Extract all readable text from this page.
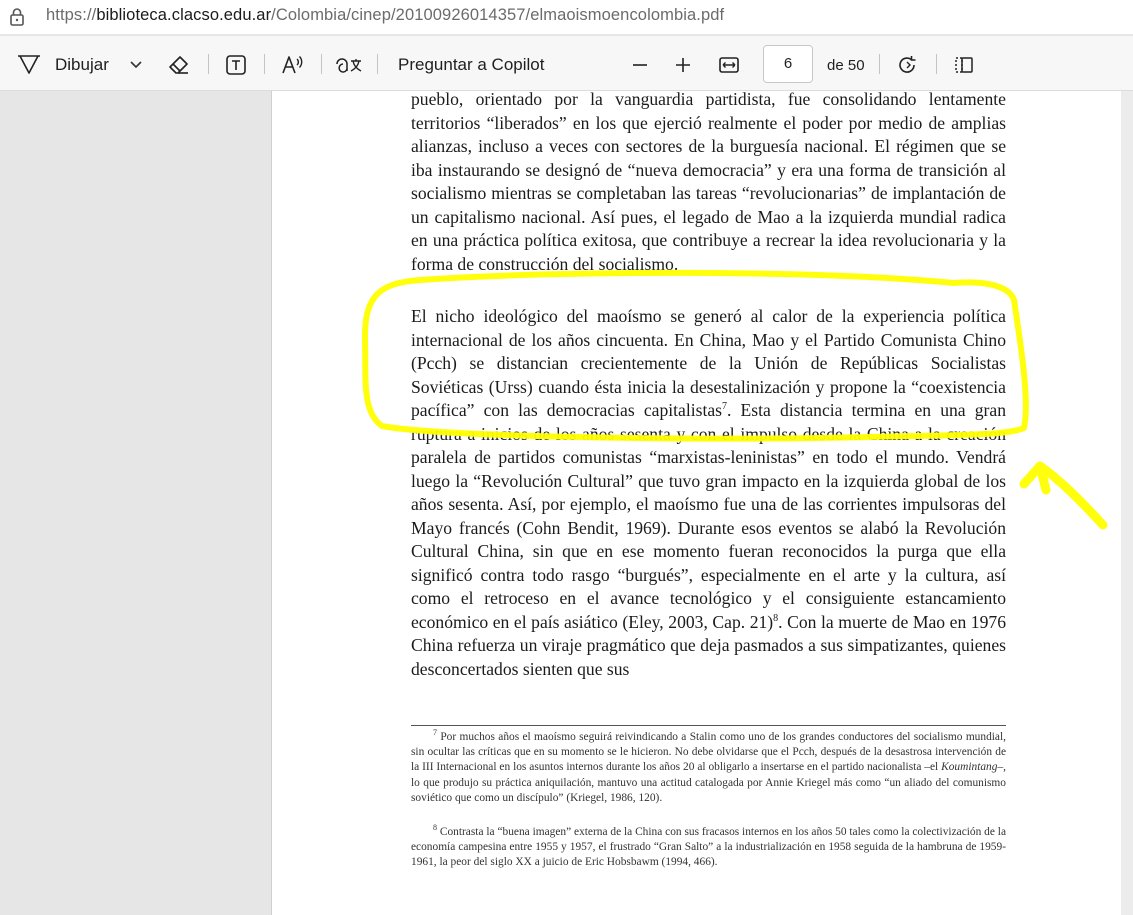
https://biblioteca.clacso.edu.ar/Colombia/cinep/20100926014357/elmaoismoencolombia.pdf
Dibujar	Preguntar a Copilot	6	de 50
pueblo, orientado por la vanguardia partidista, fue consolidando lentamente territorios “liberados” en los que ejerció realmente el poder por medio de amplias alianzas, incluso a veces con sectores de la burguesía nacional. El régimen que se iba instaurando se designó de “nueva democracia” y era una forma de transición al socialismo mientras se completaban las tareas “revolucionarias” de implantación de un capitalismo nacional. Así pues, el legado de Mao a la izquierda mundial radica en una práctica política exitosa, que contribuye a recrear la idea revolucionaria y la forma de construcción del socialismo.
El nicho ideológico del maoísmo se generó al calor de la experiencia política internacional de los años cincuenta. En China, Mao y el Partido Comunista Chino (Pcch) se distancian crecientemente de la Unión de Repúblicas Socialistas Soviéticas (Urss) cuando ésta inicia la desestalinización y propone la “coexistencia pacífica” con las democracias capitalistas$^7$. Esta distancia termina en una gran ruptura a inicios de los años sesenta y con el impulso desde la China a la creación paralela de partidos comunistas “marxistas-leninistas” en todo el mundo. Vendrá luego la “Revolución Cultural” que tuvo gran impacto en la izquierda global de los años sesenta. Así, por ejemplo, el maoísmo fue una de las corrientes impulsoras del Mayo francés (Cohn Bendit, 1969). Durante esos eventos se alabó la Revolución Cultural China, sin que en ese momento fueran reconocidos la purga que ella significó contra todo rasgo “burgués”, especialmente en el arte y la cultura, así como el retroceso en el avance tecnológico y el consiguiente estancamiento económico en el país asiático (Eley, 2003, Cap. 21)$^8$. Con la muerte de Mao en 1976 China refuerza un viraje pragmático que deja pasmados a sus simpatizantes, quienes desconcertados sienten que sus
$^7$ Por muchos años el maoísmo seguirá reivindicando a Stalin como uno de los grandes conductores del socialismo mundial, sin ocultar las críticas que en su momento se le hicieron. No debe olvidarse que el Pcch, después de la desastrosa intervención de la III Internacional en los asuntos internos durante los años 20 al obligarlo a insertarse en el partido nacionalista –el Koumintang–, lo que produjo su práctica aniquilación, mantuvo una actitud catalogada por Annie Kriegel más como “un aliado del comunismo soviético que como un discípulo” (Kriegel, 1986, 120).
$^8$ Contrasta la “buena imagen” externa de la China con sus fracasos internos en los años 50 tales como la colectivización de la economía campesina entre 1955 y 1957, el frustrado “Gran Salto” a la industrialización en 1958 seguida de la hambruna de 1959-1961, la peor del siglo XX a juicio de Eric Hobsbawm (1994, 466).
